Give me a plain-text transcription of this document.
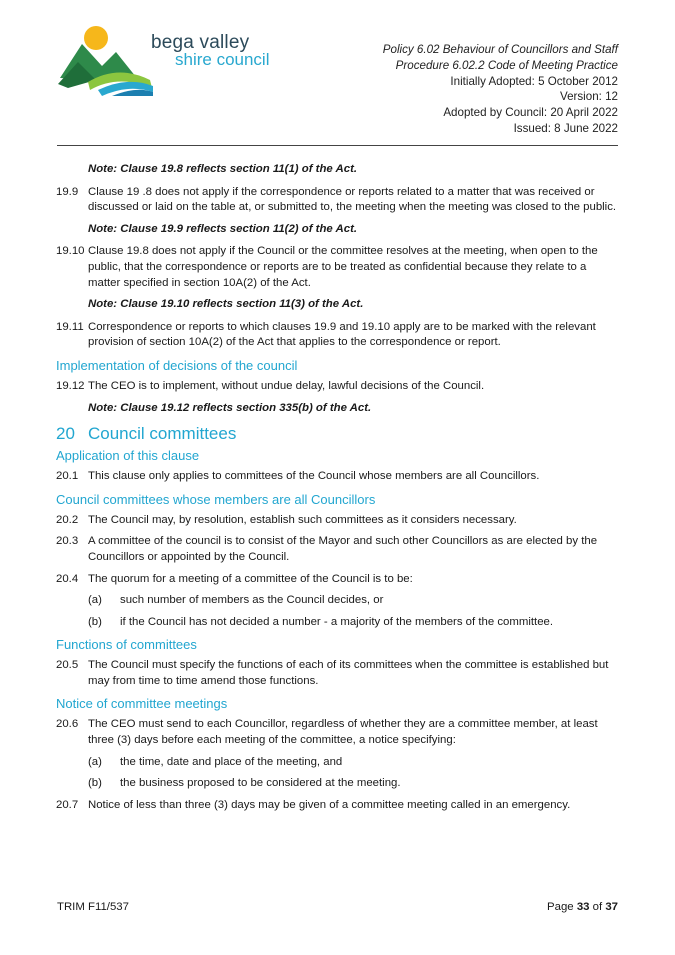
bega valley
shire council
Policy 6.02 Behaviour of Councillors and Staff
Procedure 6.02.2 Code of Meeting Practice
Initially Adopted: 5 October 2012
Version: 12
Adopted by Council: 20 April 2022
Issued: 8 June 2022
Note: Clause 19.8 reflects section 11(1) of the Act.
19.9 Clause 19 .8 does not apply if the correspondence or reports related to a matter that was received or discussed or laid on the table at, or submitted to, the meeting when the meeting was closed to the public.
Note: Clause 19.9 reflects section 11(2) of the Act.
19.10 Clause 19.8 does not apply if the Council or the committee resolves at the meeting, when open to the public, that the correspondence or reports are to be treated as confidential because they relate to a matter specified in section 10A(2) of the Act.
Note: Clause 19.10 reflects section 11(3) of the Act.
19.11 Correspondence or reports to which clauses 19.9 and 19.10 apply are to be marked with the relevant provision of section 10A(2) of the Act that applies to the correspondence or report.
Implementation of decisions of the council
19.12 The CEO is to implement, without undue delay, lawful decisions of the Council.
Note: Clause 19.12 reflects section 335(b) of the Act.
20 Council committees
Application of this clause
20.1 This clause only applies to committees of the Council whose members are all Councillors.
Council committees whose members are all Councillors
20.2 The Council may, by resolution, establish such committees as it considers necessary.
20.3 A committee of the council is to consist of the Mayor and such other Councillors as are elected by the Councillors or appointed by the Council.
20.4 The quorum for a meeting of a committee of the Council is to be:
(a)	such number of members as the Council decides, or
(b)	if the Council has not decided a number - a majority of the members of the committee.
Functions of committees
20.5 The Council must specify the functions of each of its committees when the committee is established but may from time to time amend those functions.
Notice of committee meetings
20.6 The CEO must send to each Councillor, regardless of whether they are a committee member, at least three (3) days before each meeting of the committee, a notice specifying:
(a)	the time, date and place of the meeting, and
(b)	the business proposed to be considered at the meeting.
20.7 Notice of less than three (3) days may be given of a committee meeting called in an emergency.
TRIM F11/537	Page 33 of 37
